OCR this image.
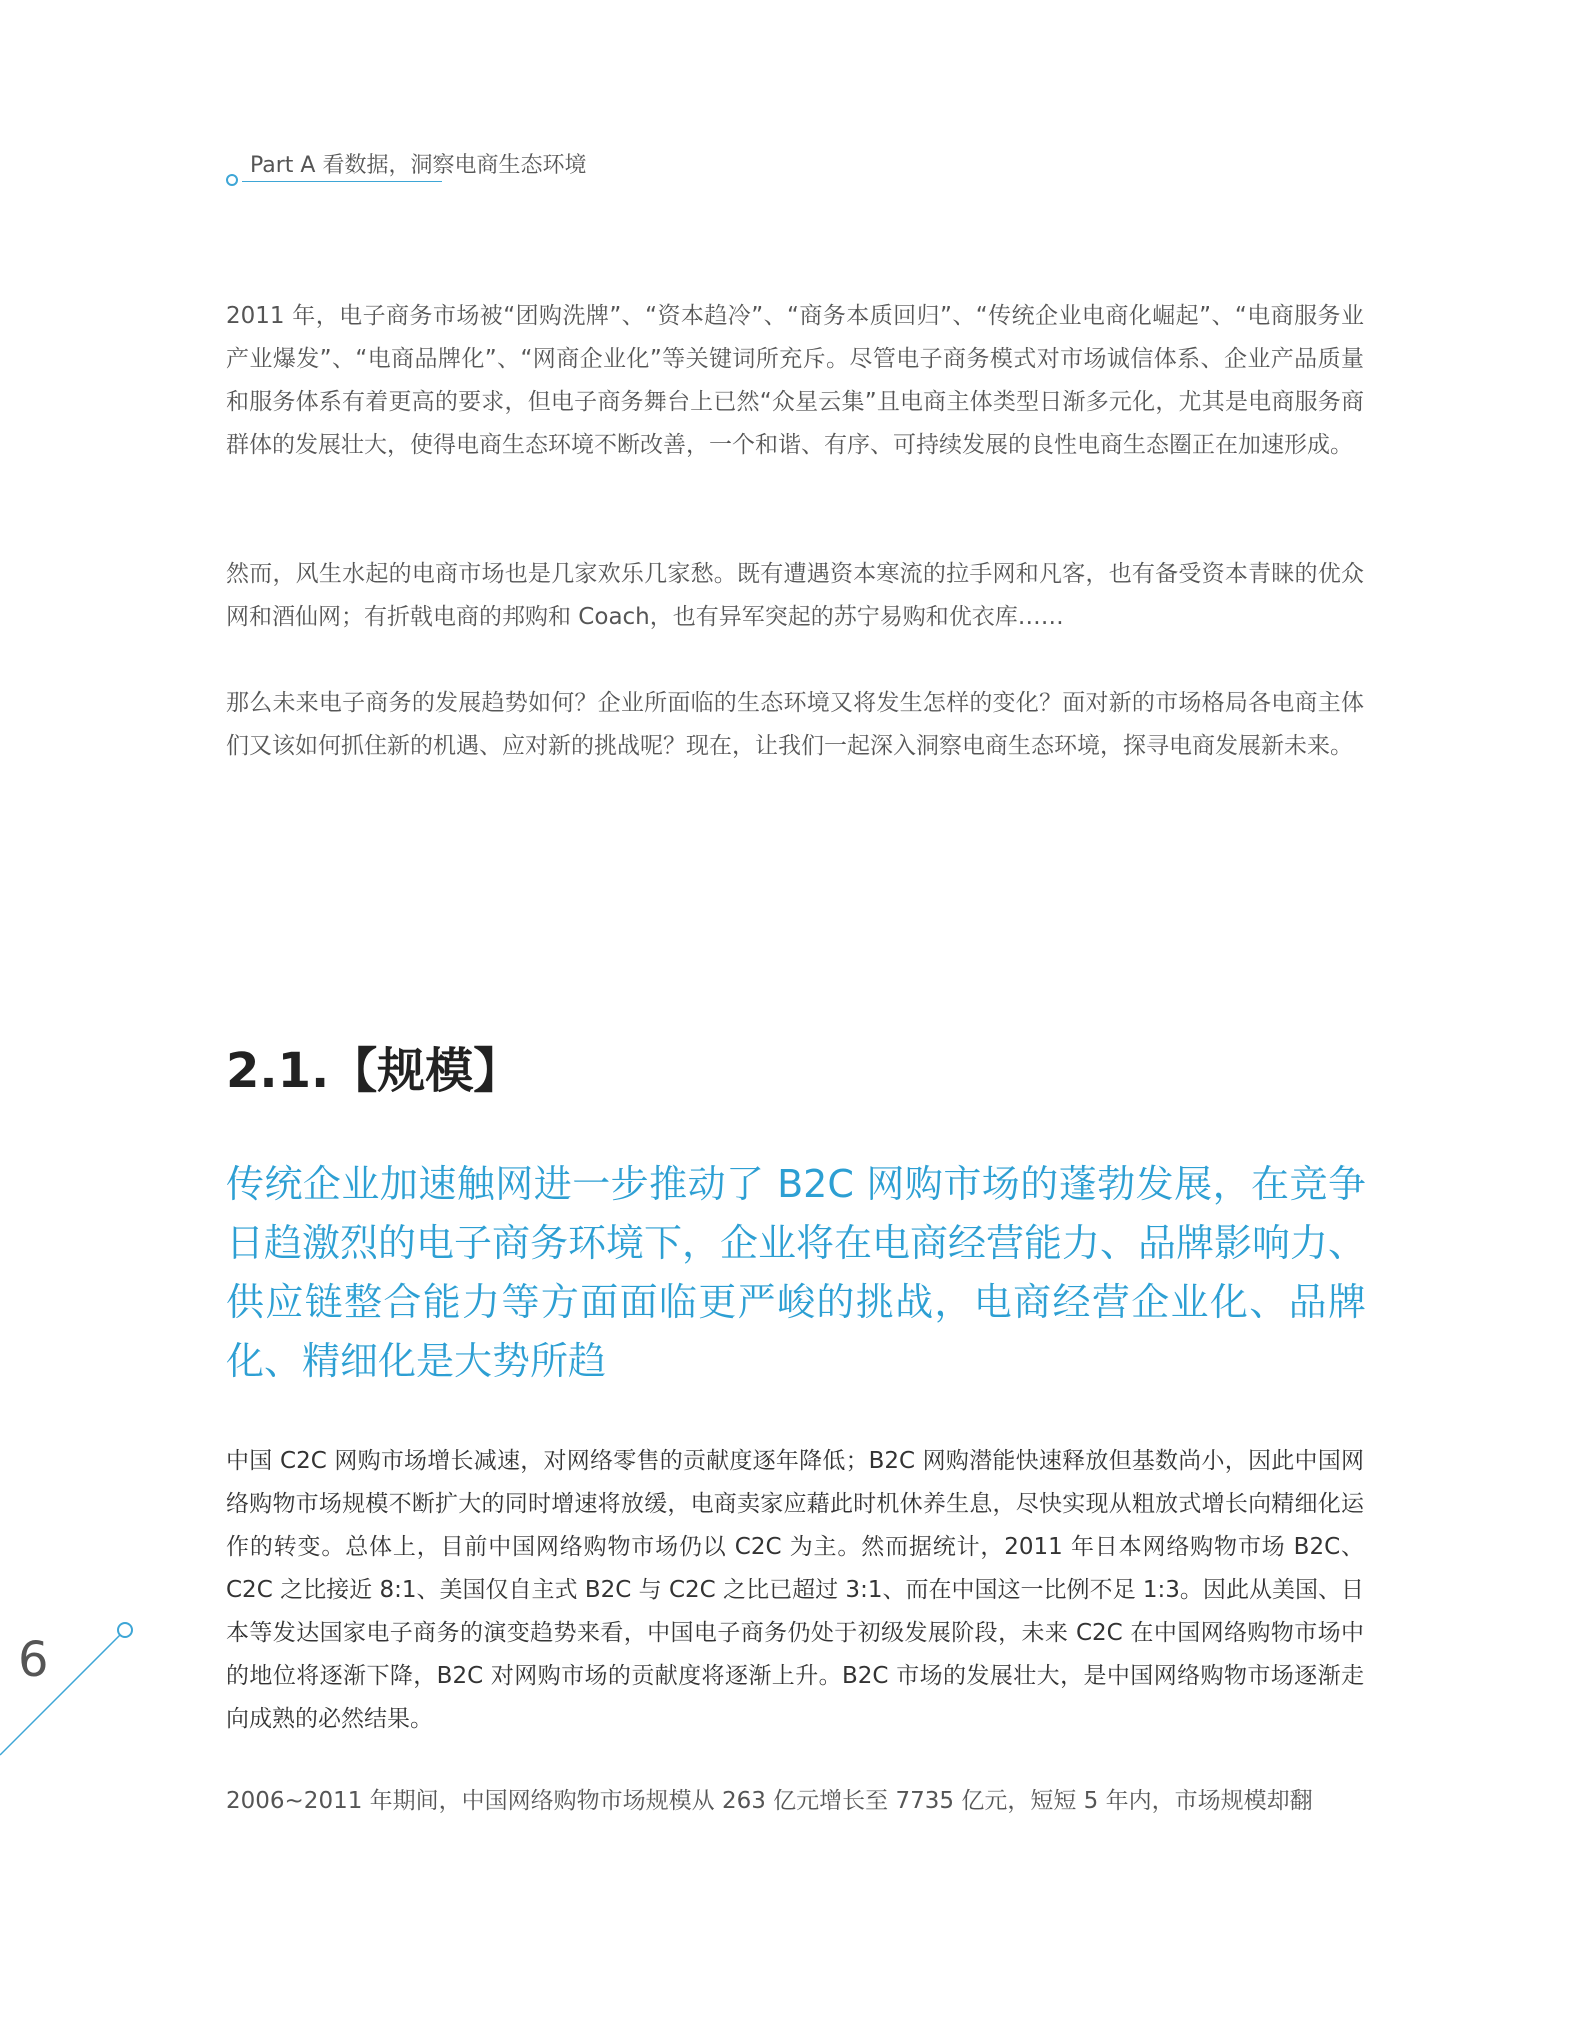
Part A 看数据，洞察电商生态环境

2011 年，电子商务市场被“团购洗牌”、“资本趋冷”、“商务本质回归”、“传统企业电商化崛起”、“电商服务业产业爆发”、“电商品牌化”、“网商企业化”等关键词所充斥。尽管电子商务模式对市场诚信体系、企业产品质量和服务体系有着更高的要求，但电子商务舞台上已然“众星云集”且电商主体类型日渐多元化，尤其是电商服务商群体的发展壮大，使得电商生态环境不断改善，一个和谐、有序、可持续发展的良性电商生态圈正在加速形成。

然而，风生水起的电商市场也是几家欢乐几家愁。既有遭遇资本寒流的拉手网和凡客，也有备受资本青睐的优众网和酒仙网；有折戟电商的邦购和 Coach，也有异军突起的苏宁易购和优衣库……

那么未来电子商务的发展趋势如何？企业所面临的生态环境又将发生怎样的变化？面对新的市场格局各电商主体们又该如何抓住新的机遇、应对新的挑战呢？现在，让我们一起深入洞察电商生态环境，探寻电商发展新未来。

2.1.【规模】

传统企业加速触网进一步推动了 B2C 网购市场的蓬勃发展，在竞争日趋激烈的电子商务环境下，企业将在电商经营能力、品牌影响力、供应链整合能力等方面面临更严峻的挑战，电商经营企业化、品牌化、精细化是大势所趋

中国 C2C 网购市场增长减速，对网络零售的贡献度逐年降低；B2C 网购潜能快速释放但基数尚小，因此中国网络购物市场规模不断扩大的同时增速将放缓，电商卖家应藉此时机休养生息，尽快实现从粗放式增长向精细化运作的转变。总体上，目前中国网络购物市场仍以 C2C 为主。然而据统计，2011 年日本网络购物市场 B2C、C2C 之比接近 8:1、美国仅自主式 B2C 与 C2C 之比已超过 3:1、而在中国这一比例不足 1:3。因此从美国、日本等发达国家电子商务的演变趋势来看，中国电子商务仍处于初级发展阶段，未来 C2C 在中国网络购物市场中的地位将逐渐下降，B2C 对网购市场的贡献度将逐渐上升。B2C 市场的发展壮大，是中国网络购物市场逐渐走向成熟的必然结果。

2006~2011 年期间，中国网络购物市场规模从 263 亿元增长至 7735 亿元，短短 5 年内，市场规模却翻

6
